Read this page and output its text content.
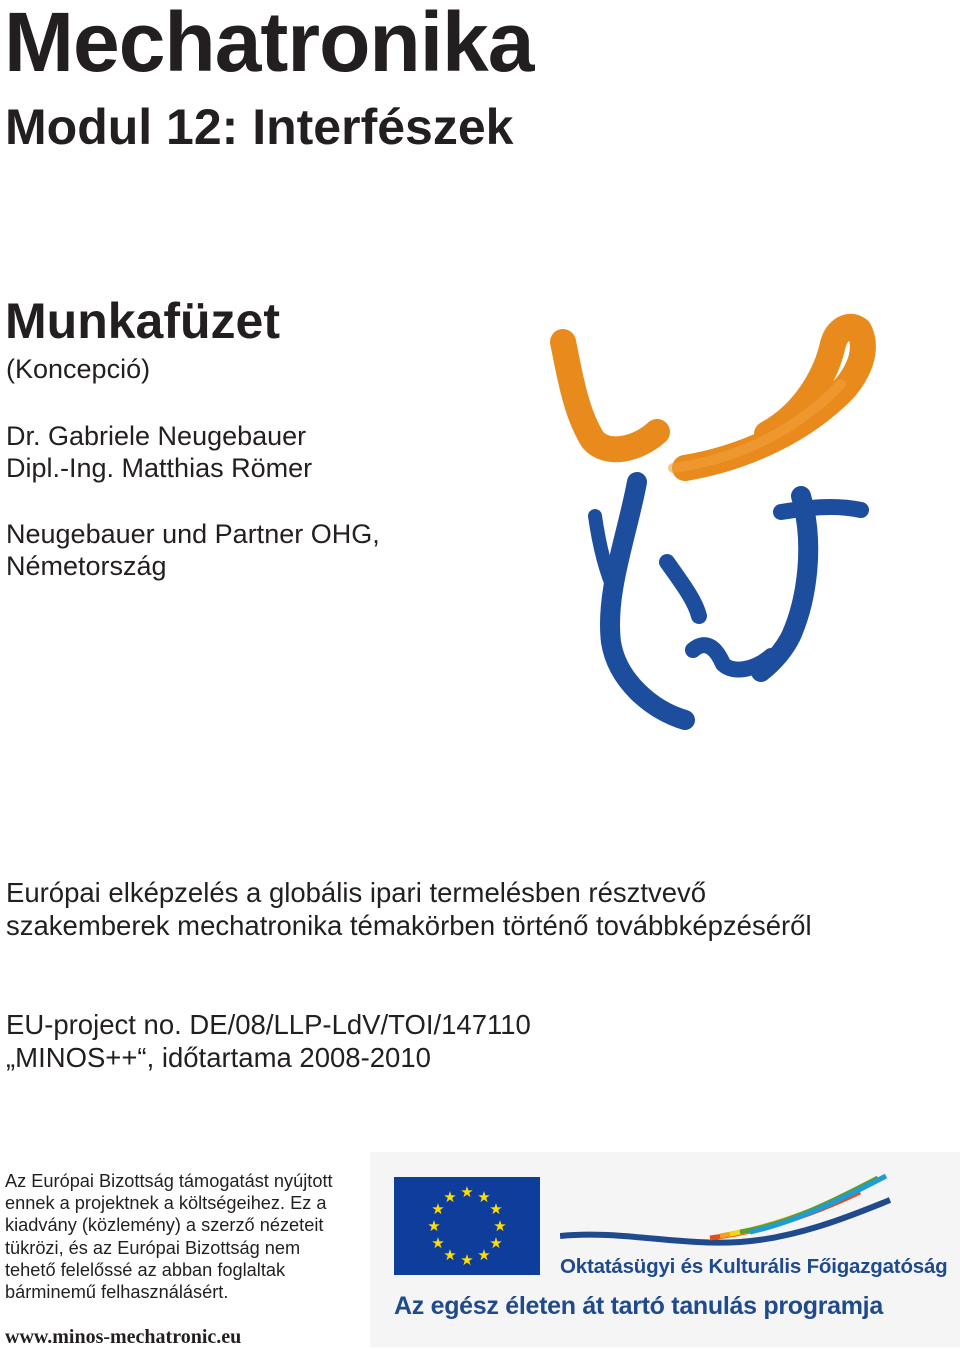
Mechatronika
Modul 12: Interfészek
Munkafüzet
(Koncepció)
Dr. Gabriele Neugebauer
Dipl.-Ing. Matthias Römer
Neugebauer und Partner OHG,
Németország
Európai elképzelés a globális ipari termelésben résztvevő
szakemberek mechatronika témakörben történő továbbképzéséről
EU-project no. DE/08/LLP-LdV/TOI/147110
„MINOS++“, időtartama 2008-2010
Az Európai Bizottság támogatást nyújtott
ennek a projektnek a költségeihez. Ez a
kiadvány (közlemény) a szerző nézeteit
tükrözi, és az Európai Bizottság nem
tehető felelőssé az abban foglaltak
bárminemű felhasználásért.
www.minos-mechatronic.eu
★ ★
★
★
★
★
★
★
★
★
★
★
Oktatásügyi és Kulturális Főigazgatóság
Az egész életen át tartó tanulás programja
